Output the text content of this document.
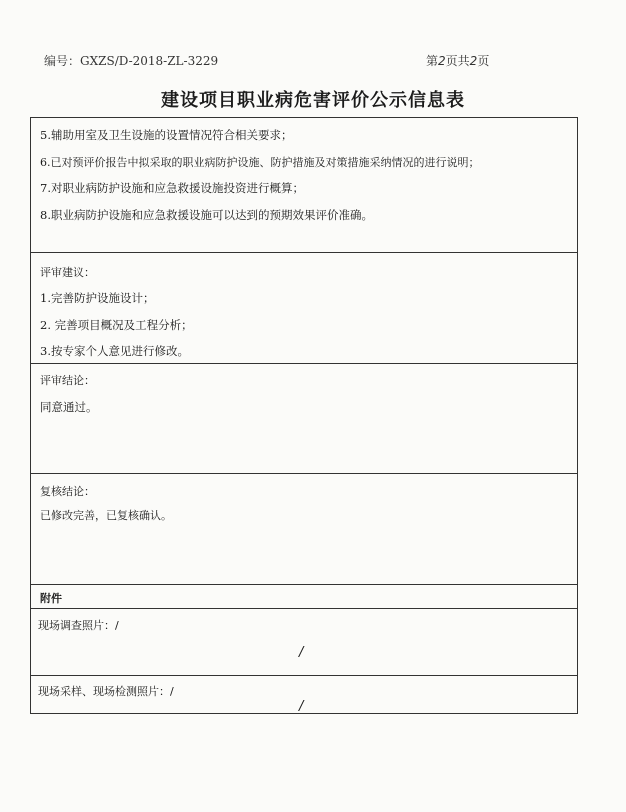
编号：GXZS/D-2018-ZL-3229	第2页共2页
建设项目职业病危害评价公示信息表
5.辅助用室及卫生设施的设置情况符合相关要求；
6.已对预评价报告中拟采取的职业病防护设施、防护措施及对策措施采纳情况的进行说明；
7.对职业病防护设施和应急救援设施投资进行概算；
8.职业病防护设施和应急救援设施可以达到的预期效果评价准确。
评审建议：
1.完善防护设施设计；
2. 完善项目概况及工程分析；
3.按专家个人意见进行修改。
评审结论：
同意通过。
复核结论：
已修改完善，已复核确认。
附件
现场调查照片：/
/
现场采样、现场检测照片：/
/
